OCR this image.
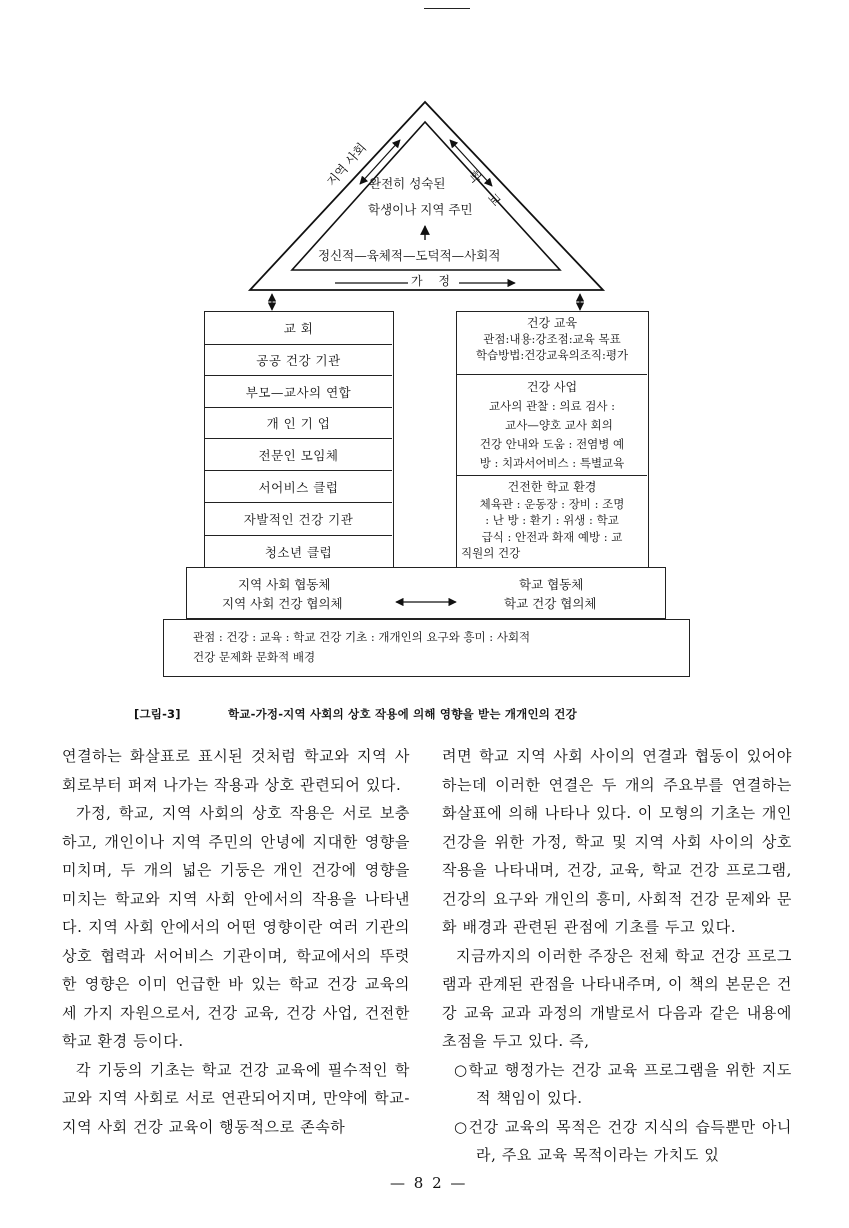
지역 사회
학교
완전히 성숙된
학생이나 지역 주민
정신적—육체적—도덕적—사회적
가 정
교 회
공공 건강 기관
부모—교사의 연합
개 인 기 업
전문인 모임체
서어비스 클럽
자발적인 건강 기관
청소년 클럽
건강 교육
관점:내용:강조점:교육 목표
학습방법:건강교육의조직:평가
건강 사업
교사의 관찰 : 의료 검사 :
교사—양호 교사 회의
건강 안내와 도움 : 전염병 예
방 : 치과서어비스 : 특별교육
건전한 학교 환경
체육관 : 운동장 : 장비 : 조명
: 난 방 : 환기 : 위생 : 학교
급식 : 안전과 화재 예방 : 교
직원의 건강
지역 사회 협동체
지역 사회 건강 협의체
학교 협동체
학교 건강 협의체
관점 : 건강 : 교육 : 학교 건강 기초 : 개개인의 요구와 흥미 : 사회적
건강 문제화 문화적 배경
[그림-3]	학교-가정-지역 사회의 상호 작용에 의해 영향을 받는 개개인의 건강

연결하는 화살표로 표시된 것처럼 학교와 지역 사회로부터 퍼져 나가는 작용과 상호 관련되어 있다.

가정, 학교, 지역 사회의 상호 작용은 서로 보충하고, 개인이나 지역 주민의 안녕에 지대한 영향을 미치며, 두 개의 넓은 기둥은 개인 건강에 영향을 미치는 학교와 지역 사회 안에서의 작용을 나타낸다. 지역 사회 안에서의 어떤 영향이란 여러 기관의 상호 협력과 서어비스 기관이며, 학교에서의 뚜렷한 영향은 이미 언급한 바 있는 학교 건강 교육의 세 가지 자원으로서, 건강 교육, 건강 사업, 건전한 학교 환경 등이다.

각 기둥의 기초는 학교 건강 교육에 필수적인 학교와 지역 사회로 서로 연관되어지며, 만약에 학교-지역 사회 건강 교육이 행동적으로 존속하

려면 학교 지역 사회 사이의 연결과 협동이 있어야 하는데 이러한 연결은 두 개의 주요부를 연결하는 화살표에 의해 나타나 있다. 이 모형의 기초는 개인 건강을 위한 가정, 학교 및 지역 사회 사이의 상호 작용을 나타내며, 건강, 교육, 학교 건강 프로그램, 건강의 요구와 개인의 흥미, 사회적 건강 문제와 문화 배경과 관련된 관점에 기초를 두고 있다.

지금까지의 이러한 주장은 전체 학교 건강 프로그램과 관계된 관점을 나타내주며, 이 책의 본문은 건강 교육 교과 과정의 개발로서 다음과 같은 내용에 초점을 두고 있다. 즉,

○학교 행정가는 건강 교육 프로그램을 위한 지도적 책임이 있다.

○건강 교육의 목적은 건강 지식의 습득뿐만 아니라, 주요 교육 목적이라는 가치도 있

— 8 2 —
